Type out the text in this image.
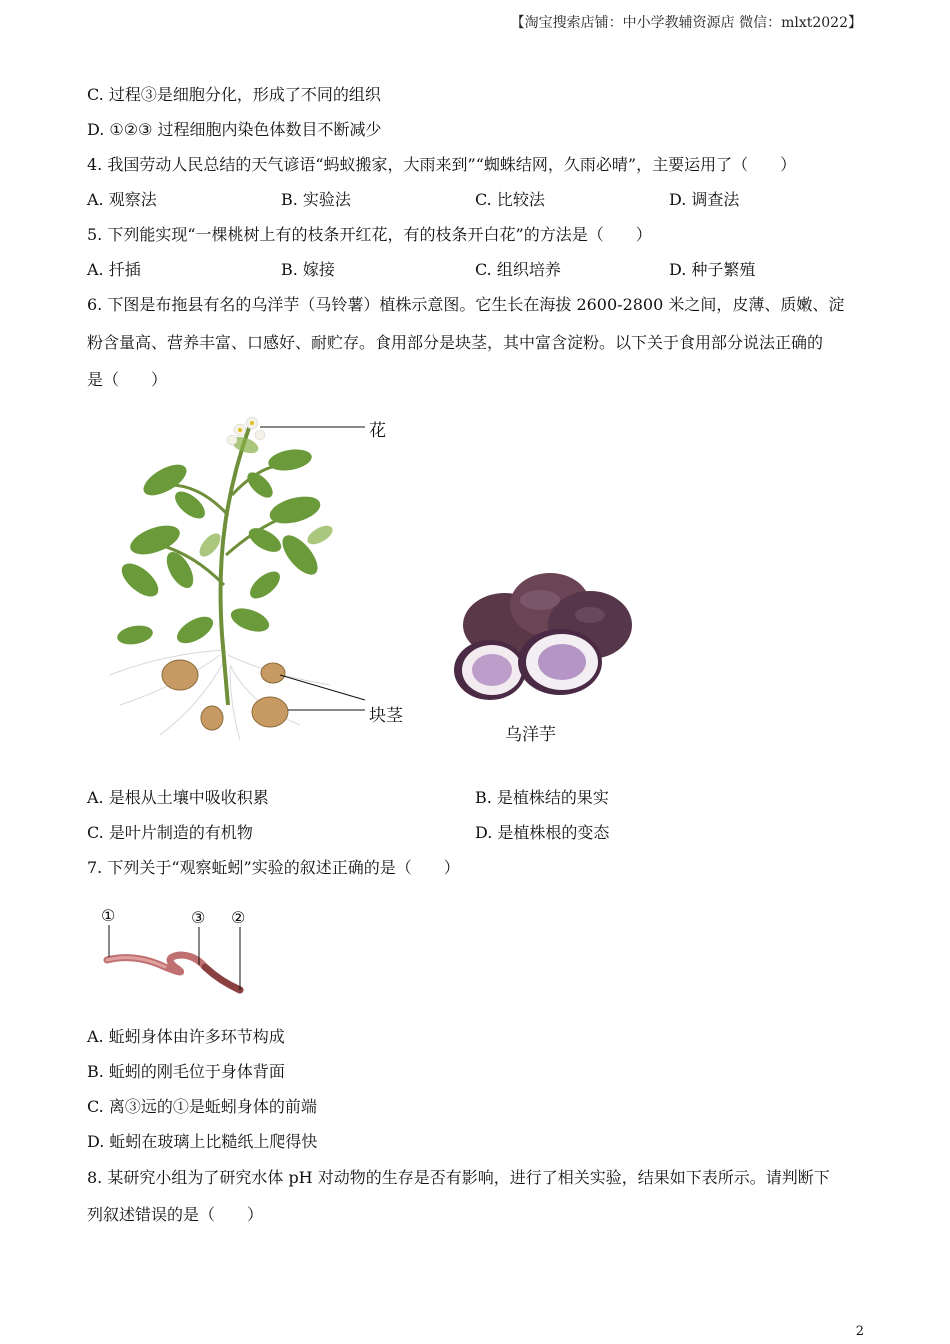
【淘宝搜索店铺：中小学教辅资源店 微信：mlxt2022】
C. 过程③是细胞分化，形成了不同的组织
D. ①②③ 过程细胞内染色体数目不断减少
4. 我国劳动人民总结的天气谚语“蚂蚁搬家，大雨来到”“蜘蛛结网，久雨必晴”，主要运用了（　　）
A. 观察法	B. 实验法	C. 比较法	D. 调查法
5. 下列能实现“一棵桃树上有的枝条开红花，有的枝条开白花”的方法是（　　）
A. 扦插	B. 嫁接	C. 组织培养	D. 种子繁殖
6. 下图是布拖县有名的乌洋芋（马铃薯）植株示意图。它生长在海拔 2600-2800 米之间，皮薄、质嫩、淀
粉含量高、营养丰富、口感好、耐贮存。食用部分是块茎，其中富含淀粉。以下关于食用部分说法正确的
是（　　）
花
块茎
乌洋芋
A. 是根从土壤中吸收积累	B. 是植株结的果实
C. 是叶片制造的有机物	D. 是植株根的变态
7. 下列关于“观察蚯蚓”实验的叙述正确的是（　　）
①	③ ②
A. 蚯蚓身体由许多环节构成
B. 蚯蚓的刚毛位于身体背面
C. 离③远的①是蚯蚓身体的前端
D. 蚯蚓在玻璃上比糙纸上爬得快
8. 某研究小组为了研究水体 pH 对动物的生存是否有影响，进行了相关实验，结果如下表所示。请判断下
列叙述错误的是（　　）
2
